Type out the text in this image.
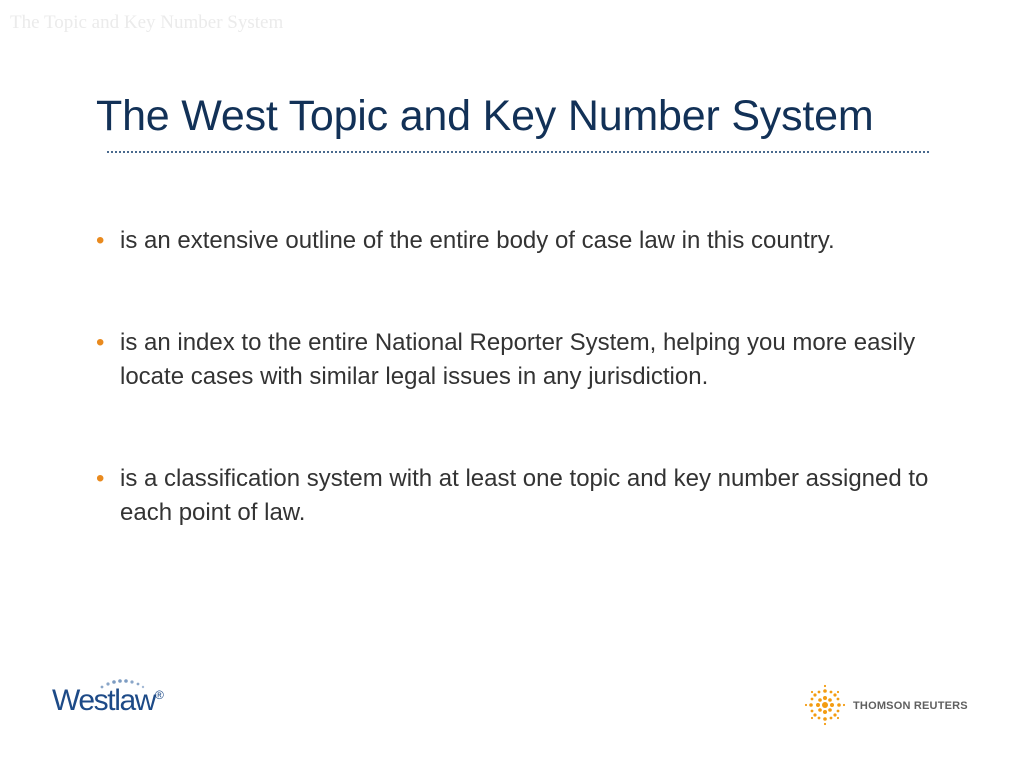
The Topic and Key Number System
The West Topic and Key Number System
• is an extensive outline of the entire body of case law in this country.
• is an index to the entire National Reporter System, helping you more easily locate cases with similar legal issues in any jurisdiction.
• is a classification system with at least one topic and key number assigned to each point of law.
Westlaw®
THOMSON REUTERS
